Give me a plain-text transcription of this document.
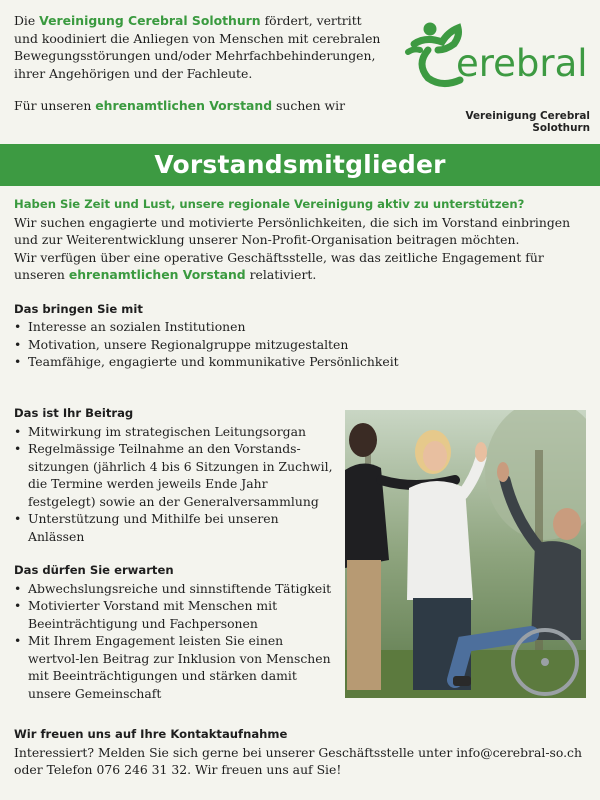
Die Vereinigung Cerebral Solothurn fördert, vertritt und koodiniert die Anliegen von Menschen mit cerebralen Bewegungsstörungen und/oder Mehrfachbehinderungen, ihrer Angehörigen und der Fachleute.

Für unseren ehrenamtlichen Vorstand suchen wir

erebral
Vereinigung Cerebral Solothurn
Vorstandsmitglieder
Haben Sie Zeit und Lust, unsere regionale Vereinigung aktiv zu unterstützen?
Wir suchen engagierte und motivierte Persönlichkeiten, die sich im Vorstand einbringen und zur Weiterentwicklung unserer Non-Profit-Organisation beitragen möchten.
Wir verfügen über eine operative Geschäftsstelle, was das zeitliche Engagement für unseren ehrenamtlichen Vorstand relativiert.
Das bringen Sie mit
• Interesse an sozialen Institutionen
• Motivation, unsere Regionalgruppe mitzugestalten
• Teamfähige, engagierte und kommunikative Persönlichkeit
Das ist Ihr Beitrag
• Mitwirkung im strategischen Leitungsorgan
• Regelmässige Teilnahme an den Vorstands-sitzungen (jährlich 4 bis 6 Sitzungen in Zuchwil, die Termine werden jeweils Ende Jahr festgelegt) sowie an der Generalversammlung
• Unterstützung und Mithilfe bei unseren Anlässen
Das dürfen Sie erwarten
• Abwechslungsreiche und sinnstiftende Tätigkeit
• Motivierter Vorstand mit Menschen mit Beeinträchtigung und Fachpersonen
• Mit Ihrem Engagement leisten Sie einen wertvol-len Beitrag zur Inklusion von Menschen mit Beeinträchtigungen und stärken damit unsere Gemeinschaft
Wir freuen uns auf Ihre Kontaktaufnahme
Interessiert? Melden Sie sich gerne bei unserer Geschäftsstelle unter info@cerebral-so.ch oder Telefon 076 246 31 32. Wir freuen uns auf Sie!
